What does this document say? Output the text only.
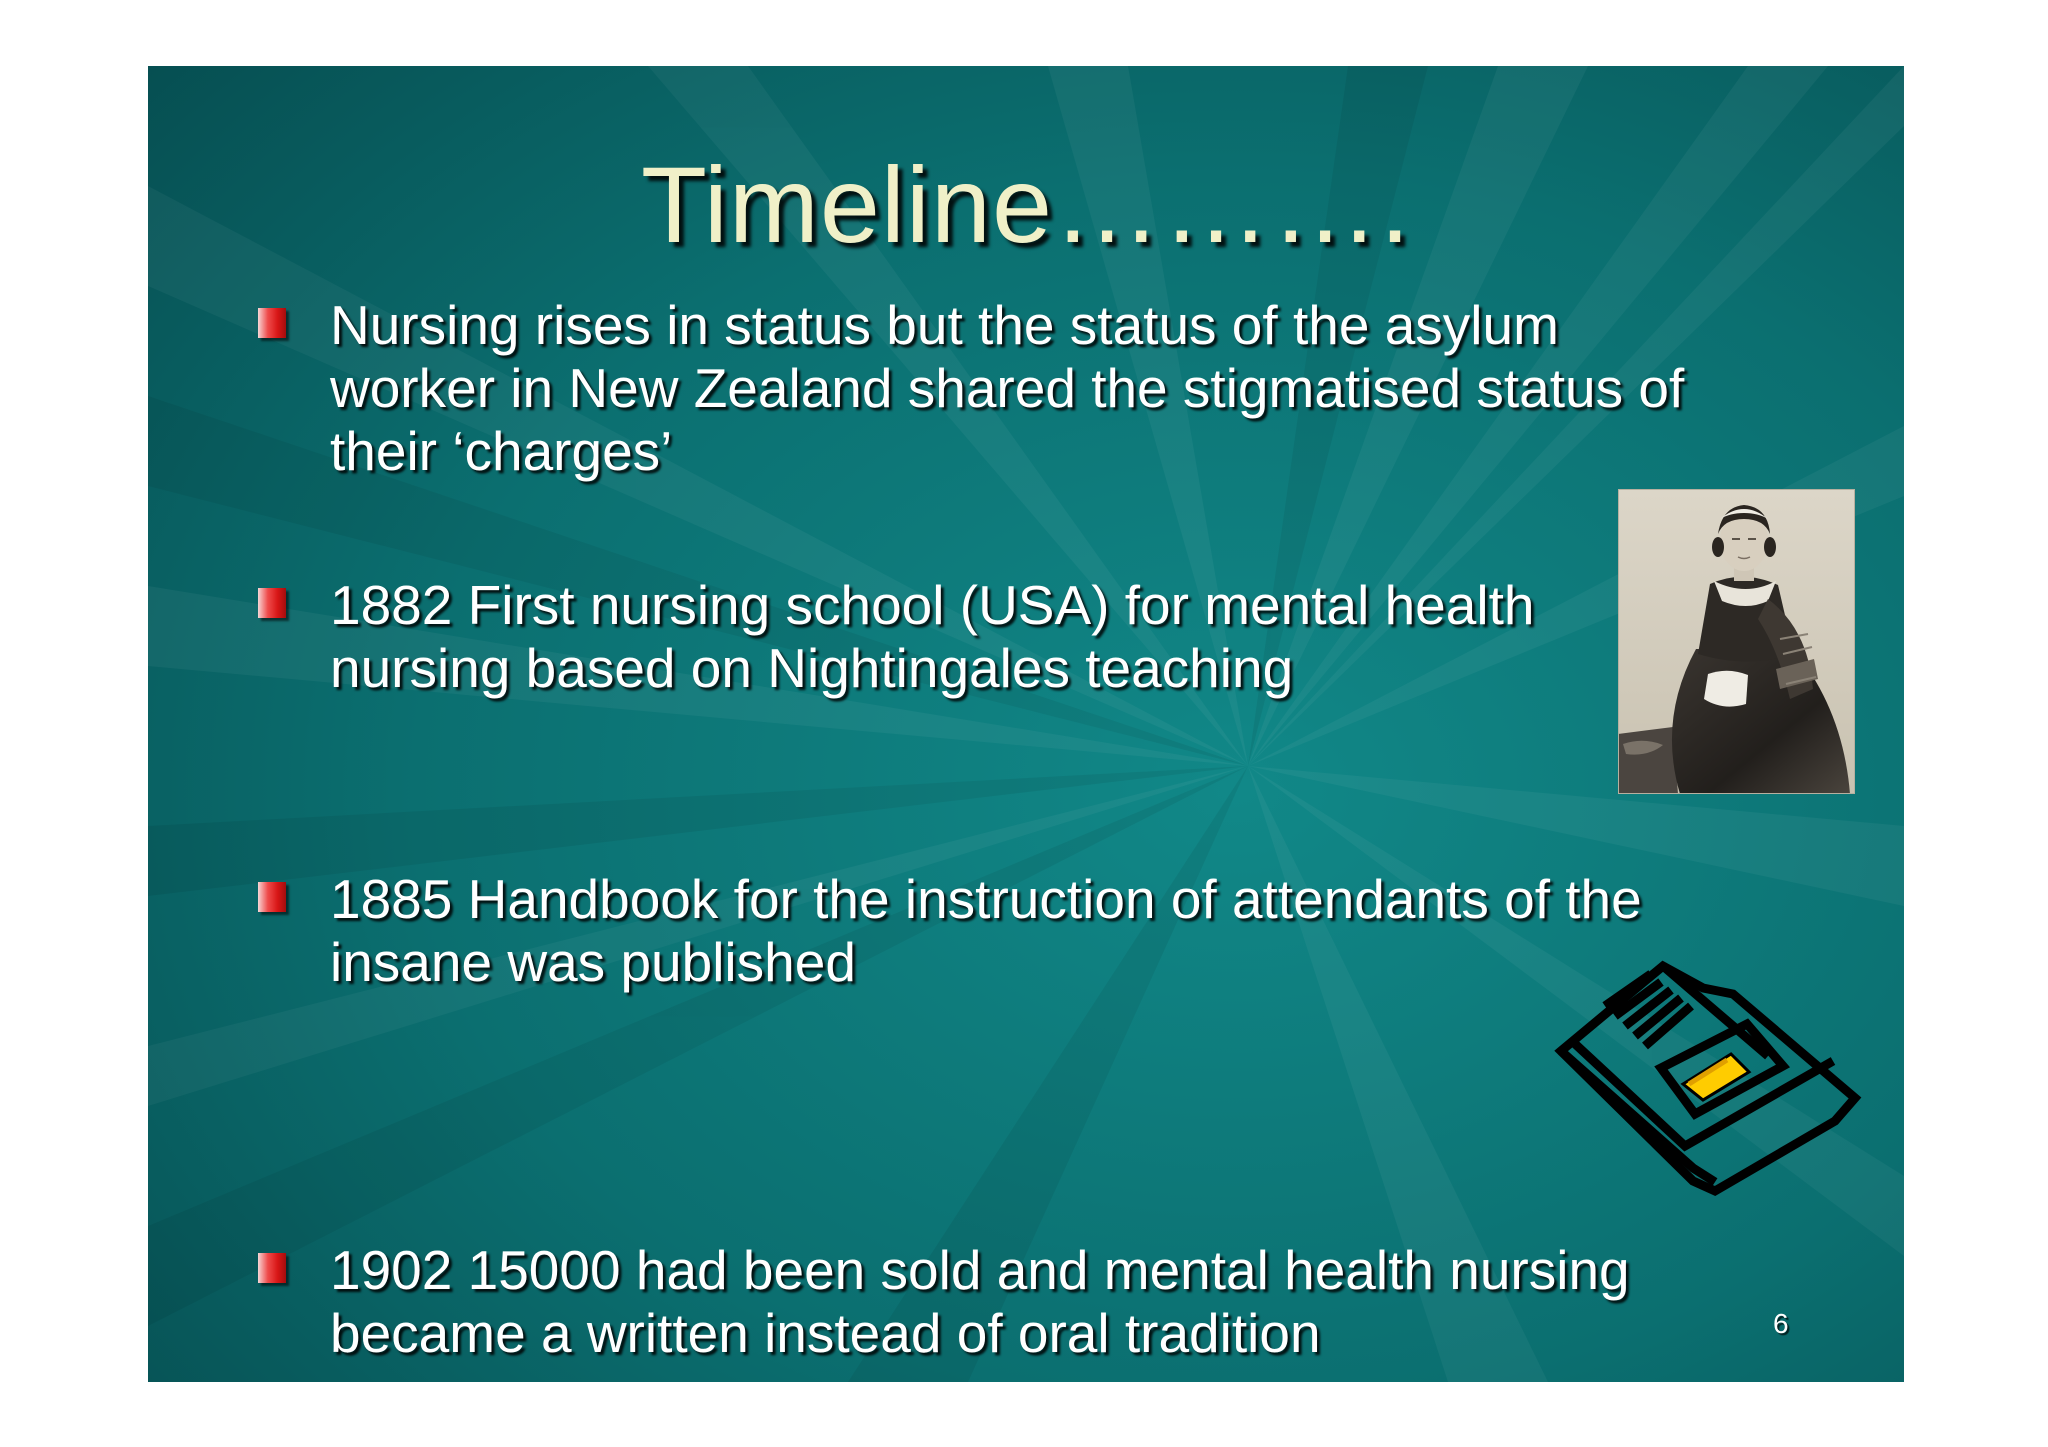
Timeline……….
Nursing rises in status but the status of the asylum
worker in New Zealand shared the stigmatised status of
their ‘charges’
1882 First nursing school (USA) for mental health
nursing based on Nightingales teaching
1885 Handbook for the instruction of attendants of the
insane was published
1902 15000 had been sold and mental health nursing
became a written instead of oral tradition	6
